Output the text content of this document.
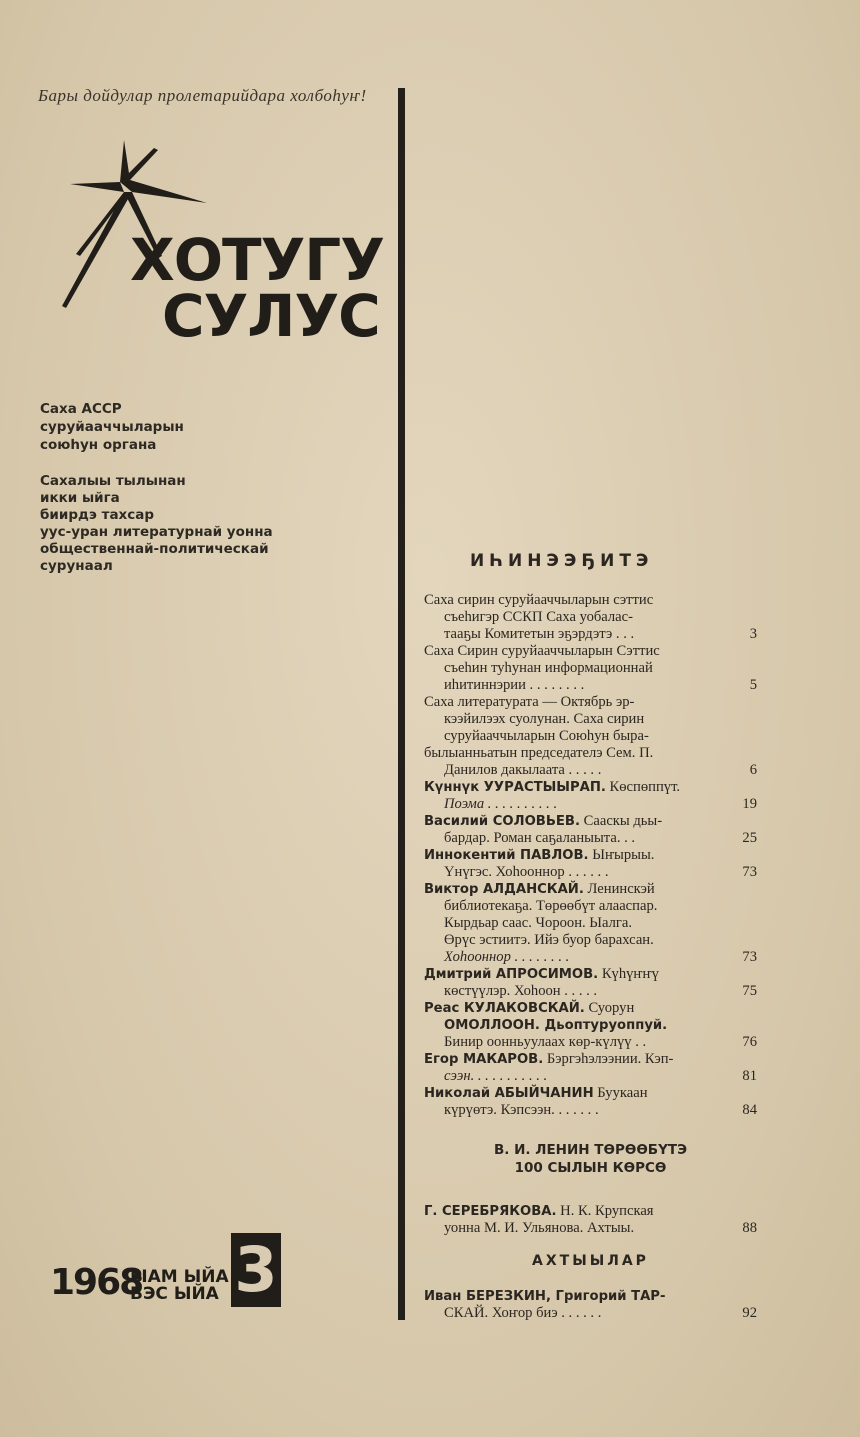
Бары дойдулар пролетарийдара холбоһуҥ!
ХОТУГУ
СУЛУС
Саха АССР
суруйааччыларын
союһун органа
Сахалыы тылынан
икки ыйга
биирдэ тахсар
уус-уран литературнай уонна
общественнай-политическай
сурунаал
1968
ЫАМ ЫЙА
БЭС ЫЙА 3
ИҺИНЭЭҔИТЭ
Саха сирин суруйааччыларын сэттис
съеһигэр ССКП Саха уобалас-
тааҕы Комитетын эҕэрдэтэ . . .	3
Саха Сирин суруйааччыларын Сэттис
съеһин туһунан информационнай
иһитиннэрии . . . . . . . .	5
Саха литературата — Октябрь эр-
кээйилээх суолунан. Саха сирин
суруйааччыларын Союһун быра-
былыанньатын председателэ Сем. П.
Данилов дакылаата . . . . .	6
Күннүк УУРАСТЫЫРАП. Көспөппүт.
Поэма . . . . . . . . . .	19
Василий СОЛОВЬЕВ. Саaскы дьы-
бардар. Роман саҕаланыыта. . .	25
Иннокентий ПАВЛОВ. Ыҥырыы.
Үнүгэс. Хоһооннор . . . . . .	73
Виктор АЛДАНСКАЙ. Ленинскэй
библиотекаҕа. Төрөөбүт алааспар.
Кырдьар саас. Чороон. Ыалга.
Өрүс эстиитэ. Ийэ буор барахсан.
Хоһооннор . . . . . . . .	73
Дмитрий АПРОСИМОВ. Күһүҥҥү
көстүүлэр. Хоһоон . . . . .	75
Реас КУЛАКОВСКАЙ. Суорун
ОМОЛЛООН. Дьоптуруоппуй.
Бинир оонньуулаах көр-күлүү . .	76
Егор МАКАРОВ. Бэргэһэлээнии. Кэп-
сээн. . . . . . . . . . .	81
Николай АБЫЙЧАНИН Буукаан
күрүөтэ. Кэпсээн. . . . . . .	84
В. И. ЛЕНИН ТӨРӨӨБҮТЭ
100 СЫЛЫН КӨРСӨ
Г. СЕРЕБРЯКОВА. Н. К. Крупская
уонна М. И. Ульянова. Ахтыы.	88
АХТЫЫЛАР
Иван БЕРЕЗКИН, Григорий ТАР-
СКАЙ. Хоҥор биэ . . . . . .	92
